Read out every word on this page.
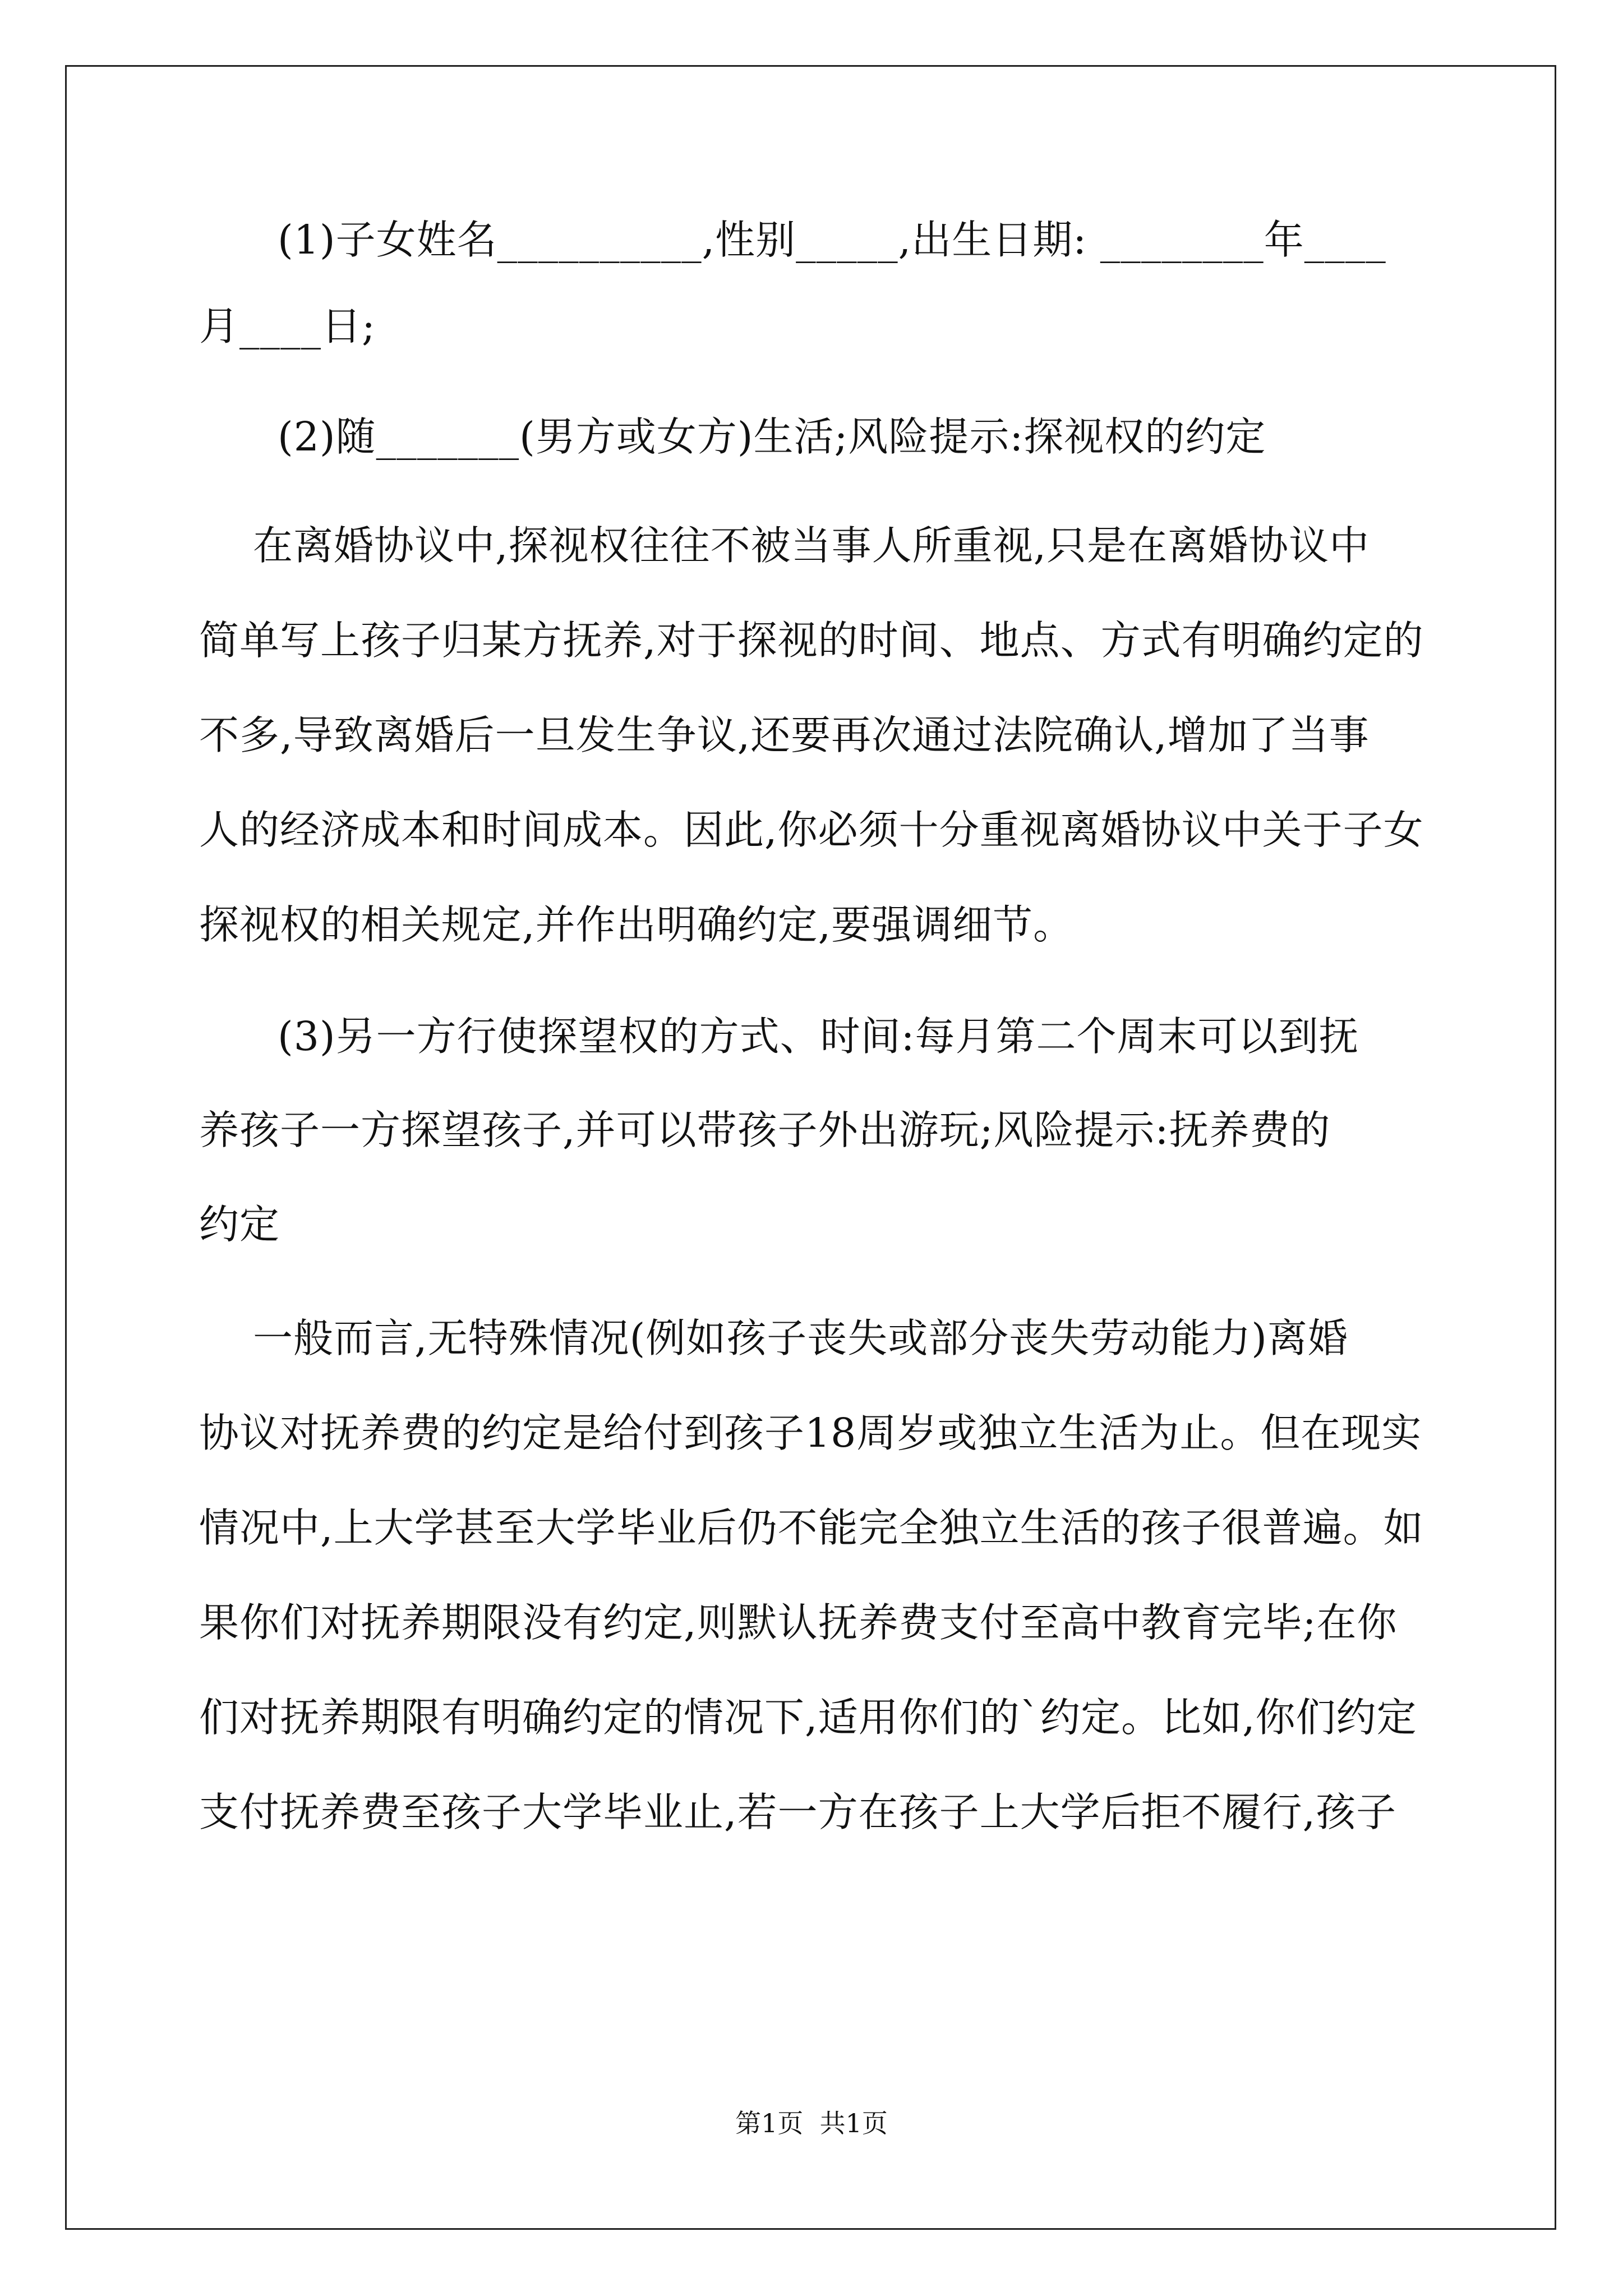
(1)子女姓名__________,性别_____,出生日期: ________年____
月____日;
(2)随_______(男方或女方)生活;风险提示:探视权的约定
在离婚协议中,探视权往往不被当事人所重视,只是在离婚协议中
简单写上孩子归某方抚养,对于探视的时间、地点、方式有明确约定的
不多,导致离婚后一旦发生争议,还要再次通过法院确认,增加了当事
人的经济成本和时间成本。因此,你必须十分重视离婚协议中关于子女
探视权的相关规定,并作出明确约定,要强调细节。
(3)另一方行使探望权的方式、时间:每月第二个周末可以到抚
养孩子一方探望孩子,并可以带孩子外出游玩;风险提示:抚养费的
约定
一般而言,无特殊情况(例如孩子丧失或部分丧失劳动能力)离婚
协议对抚养费的约定是给付到孩子18周岁或独立生活为止。但在现实
情况中,上大学甚至大学毕业后仍不能完全独立生活的孩子很普遍。如
果你们对抚养期限没有约定,则默认抚养费支付至高中教育完毕;在你
们对抚养期限有明确约定的情况下,适用你们的`约定。比如,你们约定
支付抚养费至孩子大学毕业止,若一方在孩子上大学后拒不履行,孩子
第1页  共1页
